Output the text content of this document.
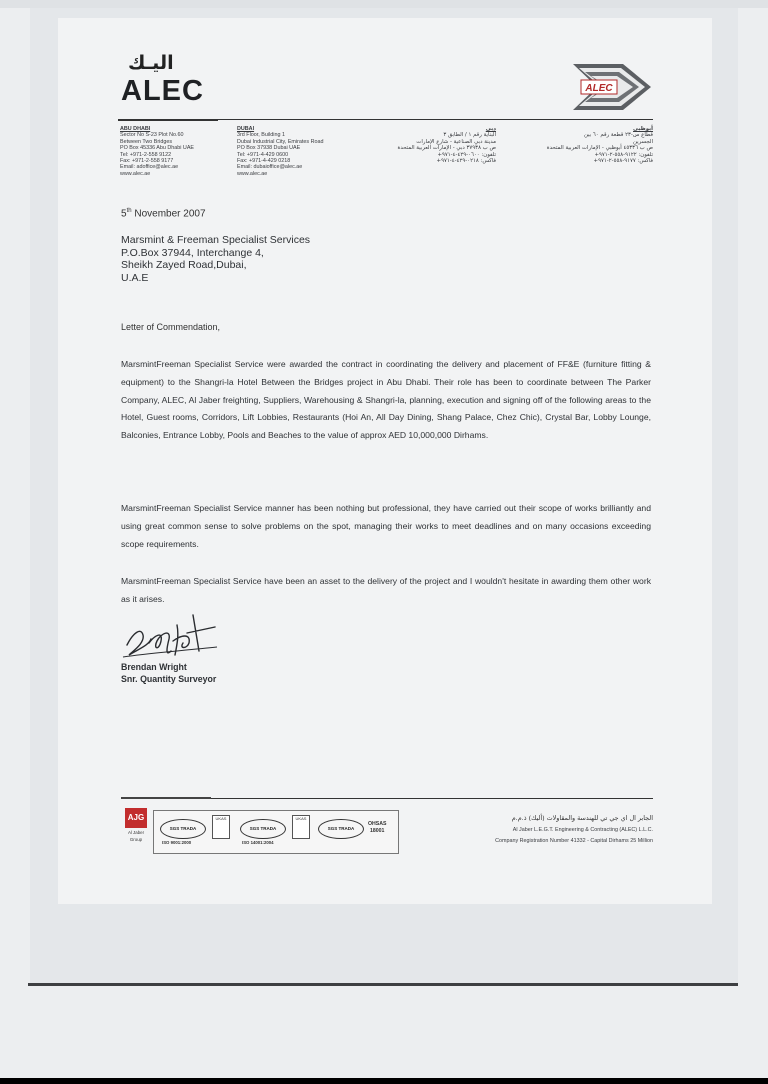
اليـك
ALEC	ALEC
ABU DHABI
Sector No S-23 Plot No.60
Between Two Bridges
PO Box 45336 Abu Dhabi UAE
Tel: +971-2-558 9122
Fax: +971-2-558 9177
Email: adoffice@alec.ae
www.alec.ae
DUBAI
3rd Floor, Building 1
Dubai Industrial City, Emirates Road
PO Box 37938 Dubai UAE
Tel: +971-4-429 0600
Fax: +971-4-429 0218
Email: dubaioffice@alec.ae
www.alec.ae
دبي
البناية رقم ١ / الطابق ٣
مدينة دبي الصناعية - شارع الإمارات
ص ب ٣٧٩٣٨ دبي - الإمارات العربية المتحدة
تلفون: ٠٦٠٠-٤٢٩-٤-٩٧١+
فاكس: ٠٢١٨-٤٢٩-٤-٩٧١+
أبوظبي
قطاع س-٢٣ قطعة رقم ٦٠ بين
الجسرين
ص ب ٤٥٣٣٦ أبوظبي - الإمارات العربية المتحدة
تلفون: ٩١٢٢-٥٥٨-٢-٩٧١+
فاكس: ٩١٧٧-٥٥٨-٢-٩٧١+
5th November 2007
Marsmint & Freeman Specialist Services
P.O.Box 37944, Interchange 4,
Sheikh Zayed Road,Dubai,
U.A.E
Letter of Commendation,

MarsmintFreeman Specialist Service were awarded the contract in coordinating the delivery and placement of FF&E (furniture fitting & equipment) to the Shangri-la Hotel Between the Bridges project in Abu Dhabi. Their role has been to coordinate between The Parker Company, ALEC, Al Jaber freighting, Suppliers, Warehousing & Shangri-la, planning, execution and signing off of the following areas to the Hotel, Guest rooms, Corridors, Lift Lobbies, Restaurants (Hoi An, All Day Dining, Shang Palace, Chez Chic), Crystal Bar, Lobby Lounge, Balconies, Entrance Lobby, Pools and Beaches to the value of approx AED 10,000,000 Dirhams.

MarsmintFreeman Specialist Service manner has been nothing but professional, they have carried out their scope of works brilliantly and using great common sense to solve problems on the spot, managing their works to meet deadlines and on many occasions exceeding scope requirements.

MarsmintFreeman Specialist Service have been an asset to the delivery of the project and I wouldn't hesitate in awarding them other work as it arises.

Brendan Wright
Snr. Quantity Surveyor
AJG
Al Jaber
Group
SGS TRADA
ISO 9001:2000
UKAS
SGS TRADA
ISO 14001:2004
UKAS
SGS TRADA
OHSAS
18001
الجابر ال اي جي تي للهندسة والمقاولات (أليك) ذ.م.م
Al Jaber L.E.G.T. Engineering & Contracting (ALEC) L.L.C.
Company Registration Number 41332 - Capital Dirhams 25 Million
